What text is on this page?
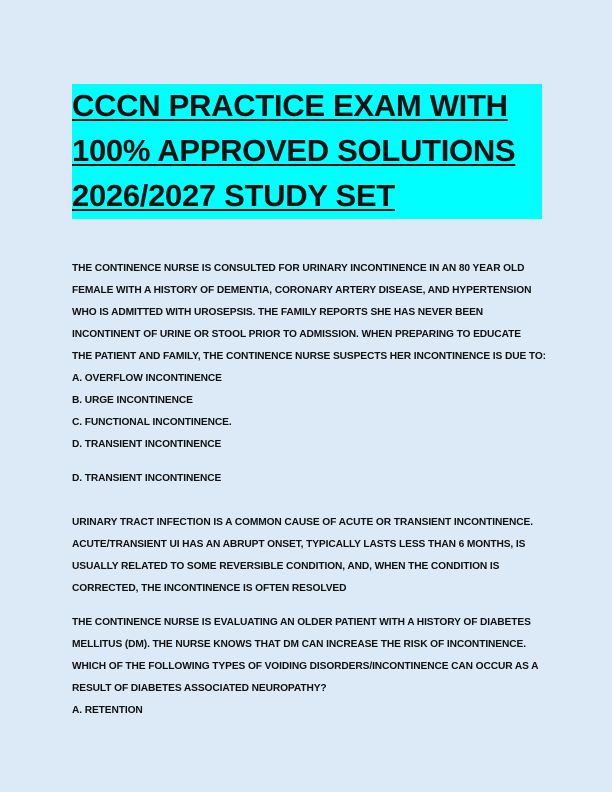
CCCN PRACTICE EXAM WITH
100% APPROVED SOLUTIONS
2026/2027 STUDY SET
THE CONTINENCE NURSE IS CONSULTED FOR URINARY INCONTINENCE IN AN 80 YEAR OLD
FEMALE WITH A HISTORY OF DEMENTIA, CORONARY ARTERY DISEASE, AND HYPERTENSION
WHO IS ADMITTED WITH UROSEPSIS. THE FAMILY REPORTS SHE HAS NEVER BEEN
INCONTINENT OF URINE OR STOOL PRIOR TO ADMISSION. WHEN PREPARING TO EDUCATE
THE PATIENT AND FAMILY, THE CONTINENCE NURSE SUSPECTS HER INCONTINENCE IS DUE TO:
A. OVERFLOW INCONTINENCE
B. URGE INCONTINENCE
C. FUNCTIONAL INCONTINENCE.
D. TRANSIENT INCONTINENCE
D. TRANSIENT INCONTINENCE
URINARY TRACT INFECTION IS A COMMON CAUSE OF ACUTE OR TRANSIENT INCONTINENCE.
ACUTE/TRANSIENT UI HAS AN ABRUPT ONSET, TYPICALLY LASTS LESS THAN 6 MONTHS, IS
USUALLY RELATED TO SOME REVERSIBLE CONDITION, AND, WHEN THE CONDITION IS
CORRECTED, THE INCONTINENCE IS OFTEN RESOLVED
THE CONTINENCE NURSE IS EVALUATING AN OLDER PATIENT WITH A HISTORY OF DIABETES
MELLITUS (DM). THE NURSE KNOWS THAT DM CAN INCREASE THE RISK OF INCONTINENCE.
WHICH OF THE FOLLOWING TYPES OF VOIDING DISORDERS/INCONTINENCE CAN OCCUR AS A
RESULT OF DIABETES ASSOCIATED NEUROPATHY?
A. RETENTION
